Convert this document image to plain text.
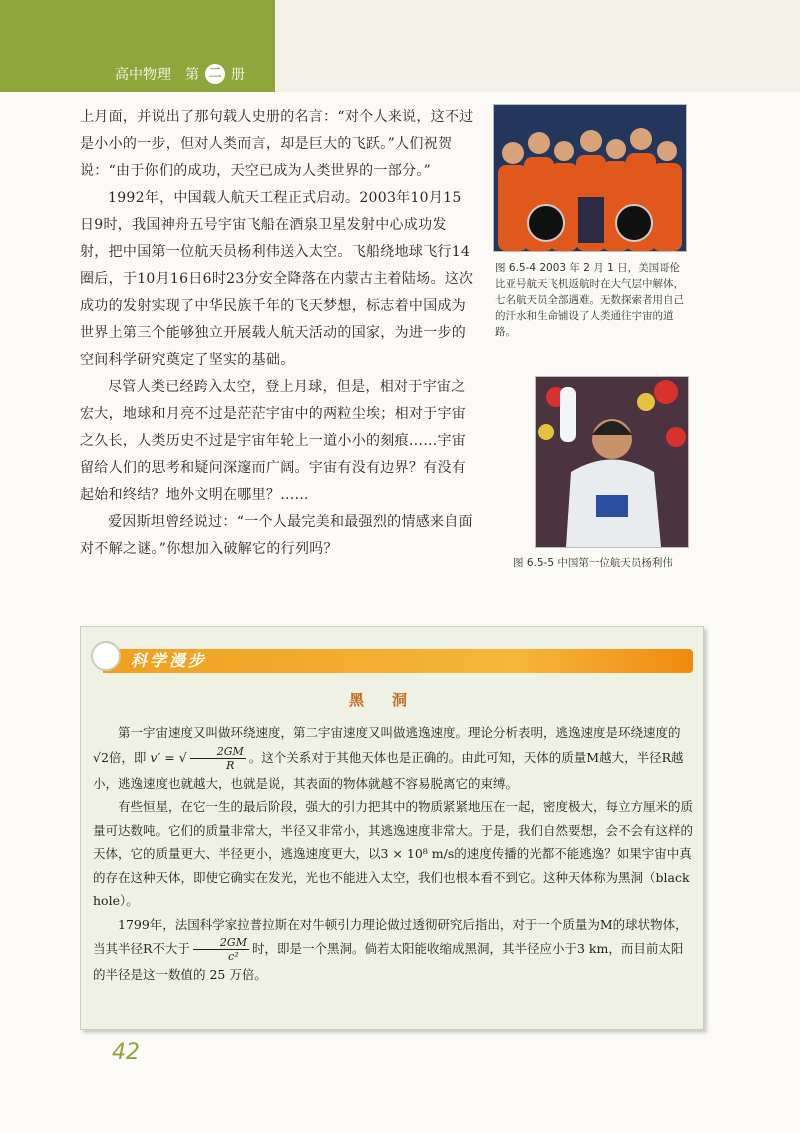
高中物理 第 二 册

上月面，并说出了那句载人史册的名言：“对个人来说，这不过是小小的一步，但对人类而言，却是巨大的飞跃。”人们祝贺说：“由于你们的成功，天空已成为人类世界的一部分。”

1992年，中国载人航天工程正式启动。2003年10月15日9时，我国神舟五号宇宙飞船在酒泉卫星发射中心成功发射，把中国第一位航天员杨利伟送入太空。飞船绕地球飞行14圈后，于10月16日6时23分安全降落在内蒙古主着陆场。这次成功的发射实现了中华民族千年的飞天梦想，标志着中国成为世界上第三个能够独立开展载人航天活动的国家，为进一步的空间科学研究奠定了坚实的基础。

尽管人类已经跨入太空，登上月球，但是，相对于宇宙之宏大，地球和月亮不过是茫茫宇宙中的两粒尘埃；相对于宇宙之久长，人类历史不过是宇宙年轮上一道小小的刻痕……宇宙留给人们的思考和疑问深邃而广阔。宇宙有没有边界？有没有起始和终结？地外文明在哪里？……

爱因斯坦曾经说过：“一个人最完美和最强烈的情感来自面对不解之谜。”你想加入破解它的行列吗？

图 6.5-4 2003 年 2 月 1 日，美国哥伦比亚号航天飞机返航时在大气层中解体，七名航天员全部遇难。无数探索者用自己的汗水和生命铺设了人类通往宇宙的道路。
图 6.5-5 中国第一位航天员杨利伟
科学漫步
黑洞

第一宇宙速度又叫做环绕速度，第二宇宙速度又叫做逃逸速度。理论分析表明，逃逸速度是环绕速度的√2倍，即 v′ = √ $\frac{2GM}{R}$ 。这个关系对于其他天体也是正确的。由此可知，天体的质量M越大，半径R越小，逃逸速度也就越大，也就是说，其表面的物体就越不容易脱离它的束缚。

有些恒星，在它一生的最后阶段，强大的引力把其中的物质紧紧地压在一起，密度极大，每立方厘米的质量可达数吨。它们的质量非常大，半径又非常小，其逃逸速度非常大。于是，我们自然要想，会不会有这样的天体，它的质量更大、半径更小，逃逸速度更大，以3 × 10⁸ m/s的速度传播的光都不能逃逸？如果宇宙中真的存在这种天体，即使它确实在发光，光也不能进入太空，我们也根本看不到它。这种天体称为黑洞（black hole）。

1799年，法国科学家拉普拉斯在对牛顿引力理论做过透彻研究后指出，对于一个质量为M的球状物体，当其半径R不大于 $\frac{2GM}{\text{c²}}$ 时，即是一个黑洞。倘若太阳能收缩成黑洞，其半径应小于3 km，而目前太阳的半径是这一数值的 25 万倍。

42
